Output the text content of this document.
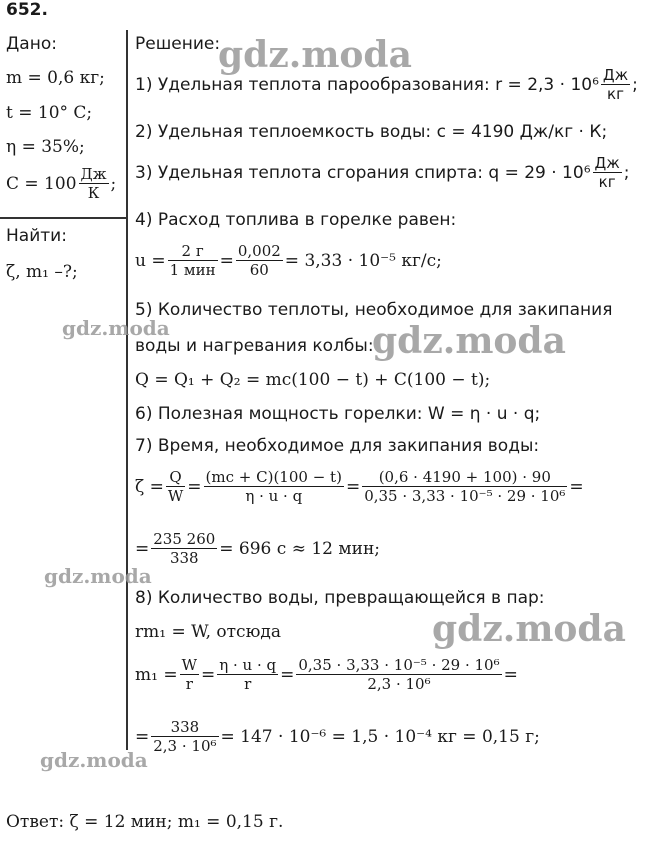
652.
Дано:
m = 0,6 кг;
t = 10° C;
η = 35%;
$C = 100 \frac{Дж}{К}$ ;
Найти:
ζ, m₁ –?;
Решение:
1) Удельная теплота парообразования: $r = 2,3 \cdot 10^6 \frac{Дж}{кг}$ ;
2) Удельная теплоемкость воды: c = 4190 Дж/кг · К;
3) Удельная теплота сгорания спирта: $q = 29 \cdot 10^6 \frac{Дж}{кг}$ ;
4) Расход топлива в горелке равен:
$u = \frac{2 г}{\text{1 мин}} = \frac{0,002}{60} = 3,33 \cdot 10^{-5}$ кг/с;
5) Количество теплоты, необходимое для закипания
воды и нагревания колбы:
Q = Q₁ + Q₂ = mc(100 − t) + C(100 − t);
6) Полезная мощность горелки: W = η · u · q;
7) Время, необходимое для закипания воды:
$\zeta = \frac{Q}{W} = \frac{(mc + C)(100 - t)}{\eta \cdot u \cdot q} = \frac{(0,6 \cdot 4190 + 100) \cdot 90}{\text{0,35 · 3,33 · 10⁻⁵ · 29 · 10⁶}}$ =
= $\frac{235 260}{338} = 696$ с ≈ 12 мин;
8) Количество воды, превращающейся в пар:
rm₁ = W, отсюда
$m_1 = \frac{W}{r} = \frac{\eta \cdot u \cdot q}{r} = \frac{\text{0,35 · 3,33 · 10⁻⁵ · 29 · 10⁶}}{\text{2,3 · 10⁶}}$ =
= $\frac{338}{\text{2,3 · 10⁶}} = 147 \cdot 10^{-6} = 1,5 \cdot 10^{-4}$ кг = 0,15 г;
Ответ: ζ = 12 мин; m₁ = 0,15 г.
gdz.moda
gdz.moda	gdz.moda
gdz.moda
gdz.moda
gdz.moda
